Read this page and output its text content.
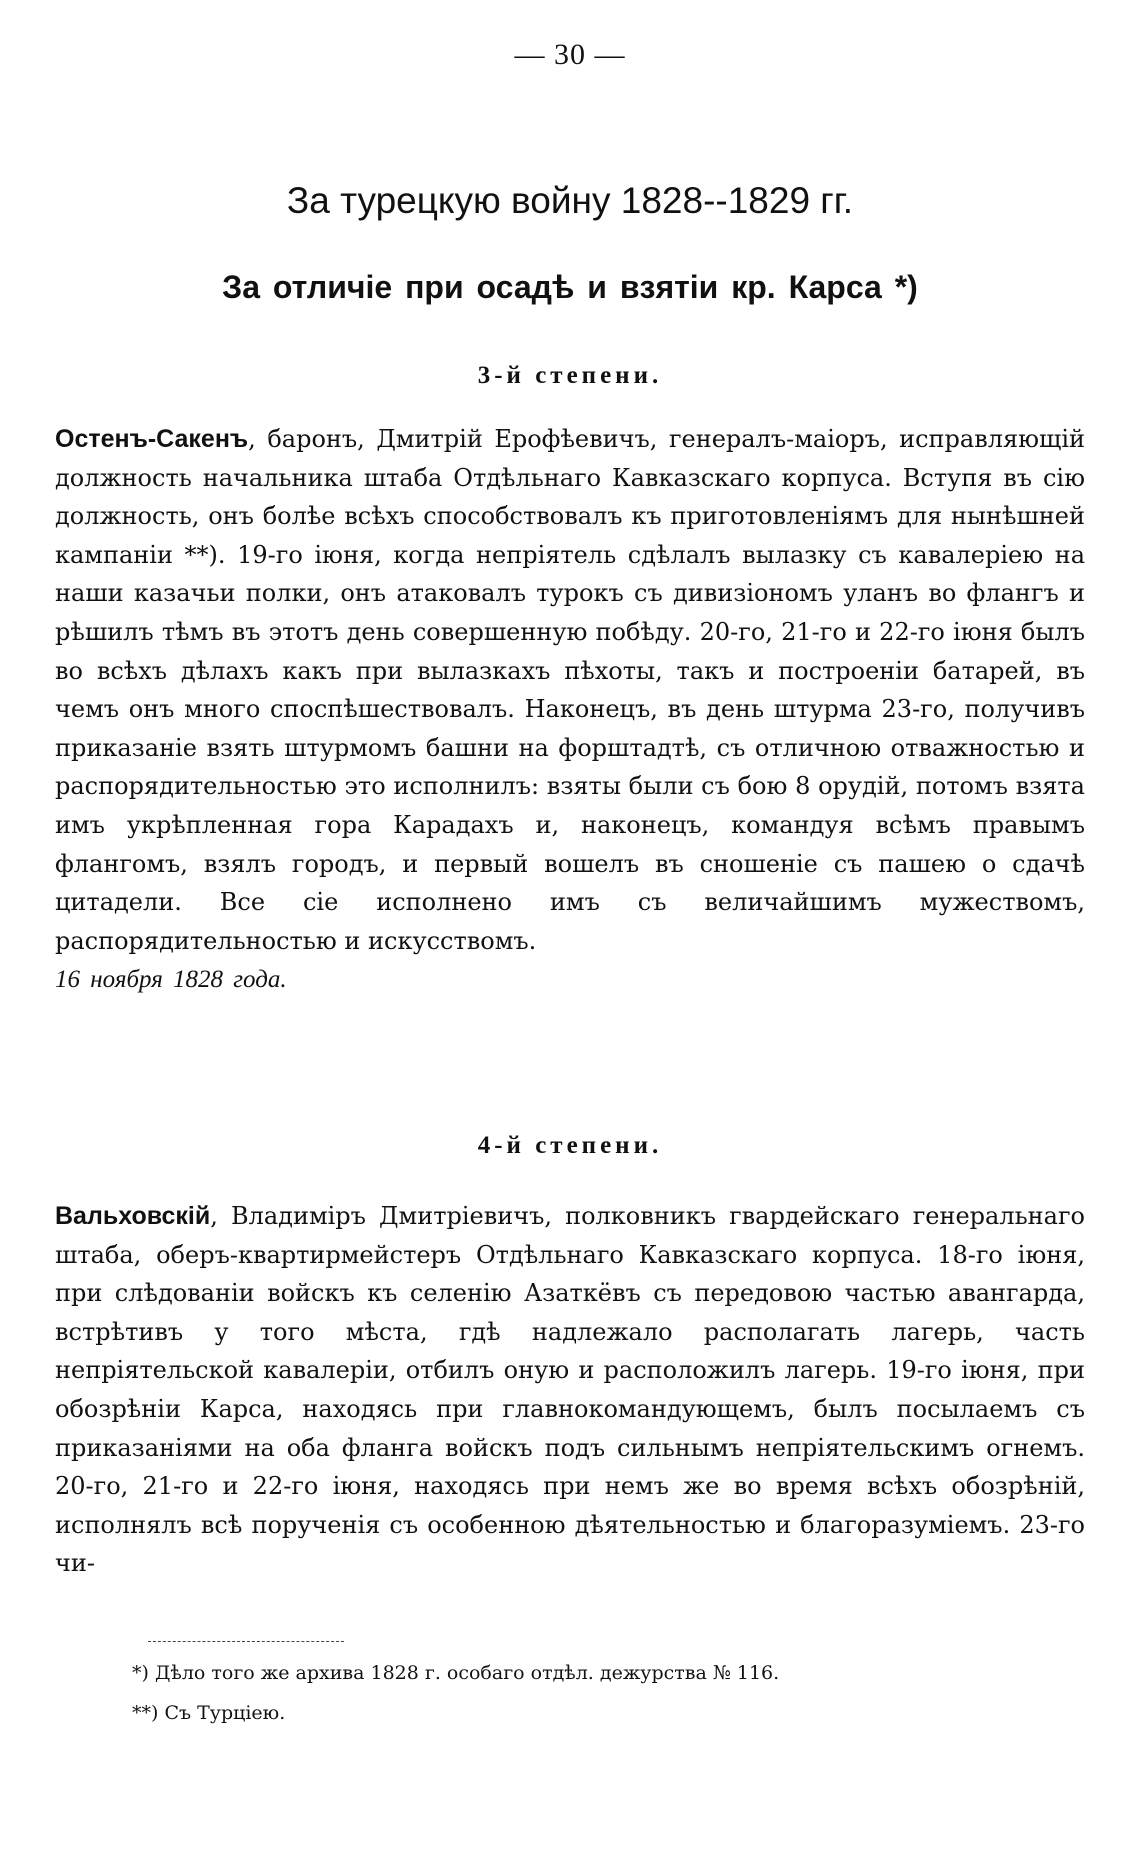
— 30 —
За турецкую войну 1828--1829 гг.
За отличiе при осадѣ и взятiи кр. Карса *)
3-й степени.

Остенъ-Сакенъ, баронъ, Дмитрiй Ерофѣевичъ, генералъ-маiоръ, исправляющiй должность начальника штаба Отдѣльнаго Кавказскаго корпуса. Вступя въ сiю должность, онъ болѣе всѣхъ способствовалъ къ приготовленiямъ для нынѣшней кампанiи **). 19-го iюня, когда непрiятель сдѣлалъ вылазку съ кавалерiею на наши казачьи полки, онъ атаковалъ турокъ съ дивизiономъ уланъ во флангъ и рѣшилъ тѣмъ въ этотъ день совершенную побѣду. 20-го, 21-го и 22-го iюня былъ во всѣхъ дѣлахъ какъ при вылазкахъ пѣхоты, такъ и построенiи батарей, въ чемъ онъ много споспѣшествовалъ. Наконецъ, въ день штурма 23-го, получивъ приказанiе взять штурмомъ башни на форштадтѣ, съ отличною отважностью и распорядительностью это исполнилъ: взяты были съ бою 8 орудiй, потомъ взята имъ укрѣпленная гора Карадахъ и, наконецъ, командуя всѣмъ правымъ флангомъ, взялъ городъ, и первый вошелъ въ сношенiе съ пашею о сдачѣ цитадели. Все сiе исполнено имъ съ величайшимъ мужествомъ, распорядительностью и искусствомъ.
16 ноября 1828 года.

4-й степени.

Вальховскiй, Владимiръ Дмитрiевичъ, полковникъ гвардейскаго генеральнаго штаба, оберъ-квартирмейстеръ Отдѣльнаго Кавказскаго корпуса. 18-го iюня, при слѣдованiи войскъ къ селенiю Азаткёвъ съ передовою частью авангарда, встрѣтивъ у того мѣста, гдѣ надлежало располагать лагерь, часть непрiятельской кавалерiи, отбилъ оную и расположилъ лагерь. 19-го iюня, при обозрѣнiи Карса, находясь при главнокомандующемъ, былъ посылаемъ съ приказанiями на оба фланга войскъ подъ сильнымъ непрiятельскимъ огнемъ. 20-го, 21-го и 22-го iюня, находясь при немъ же во время всѣхъ обозрѣнiй, исполнялъ всѣ порученiя съ особенною дѣятельностью и благоразумiемъ. 23-го чи-

*) Дѣло того же архива 1828 г. особаго отдѣл. дежурства № 116.

**) Съ Турцiею.
